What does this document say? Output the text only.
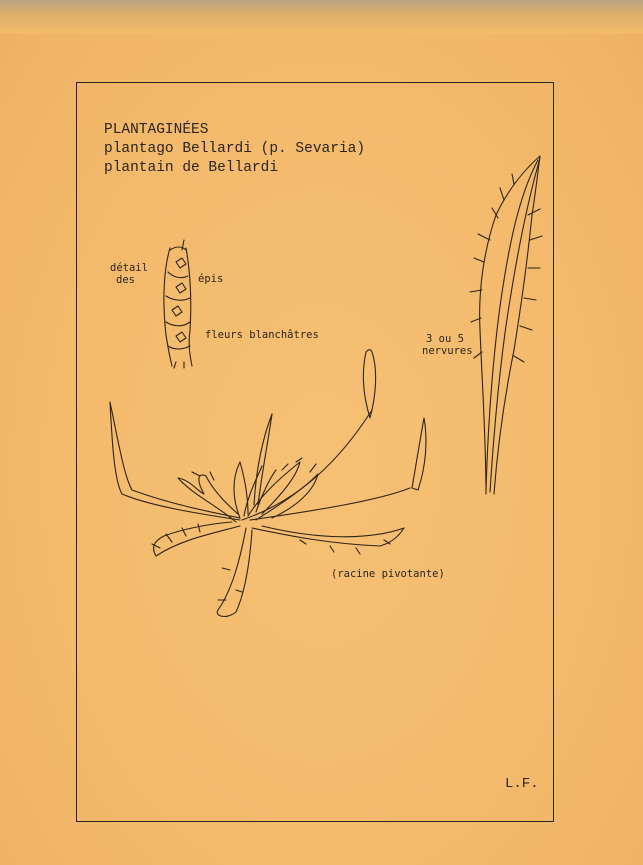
PLANTAGINÉES
plantago Bellardi (p. Sevaria)
plantain de Bellardi
détail
des	épis
fleurs blanchâtres	3 ou 5
nervures
(racine pivotante)
L.F.
